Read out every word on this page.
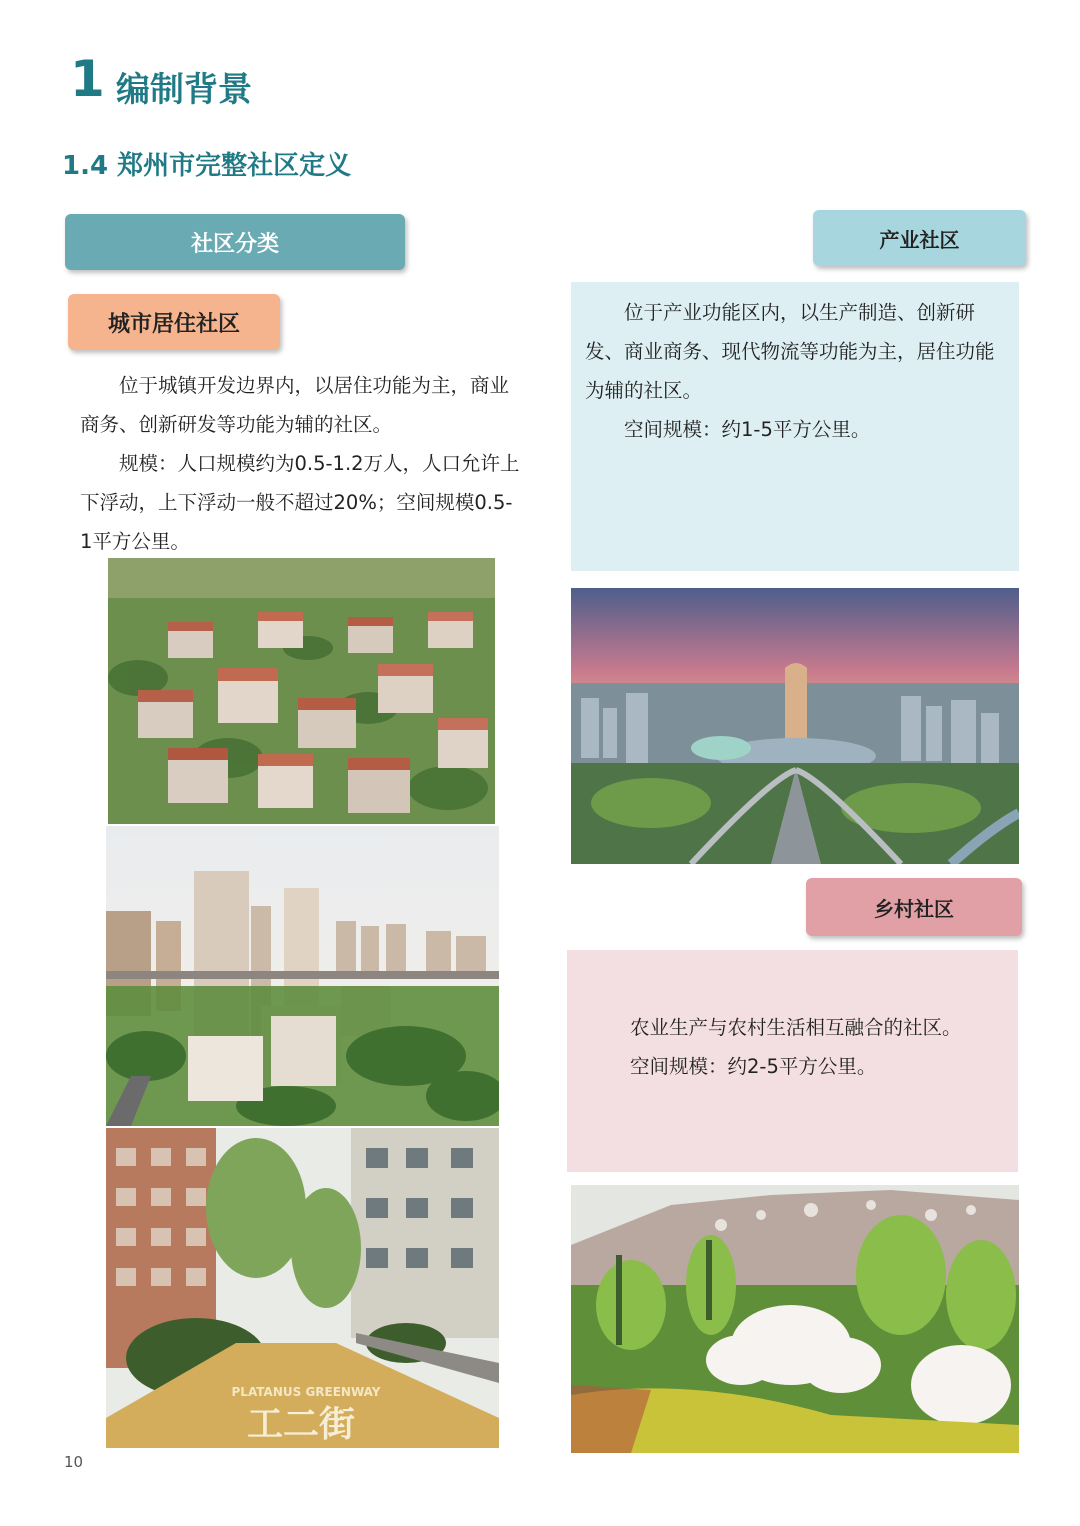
1 编制背景
1.4 郑州市完整社区定义
社区分类
城市居住社区
产业社区
乡村社区

位于城镇开发边界内，以居住功能为主，商业商务、创新研发等功能为辅的社区。

规模：人口规模约为0.5-1.2万人，人口允许上下浮动，上下浮动一般不超过20%；空间规模0.5-1平方公里。

位于产业功能区内，以生产制造、创新研发、商业商务、现代物流等功能为主，居住功能为辅的社区。

空间规模：约1-5平方公里。

农业生产与农村生活相互融合的社区。

空间规模：约2-5平方公里。

PLATANUS GREENWAY
工二街
10
